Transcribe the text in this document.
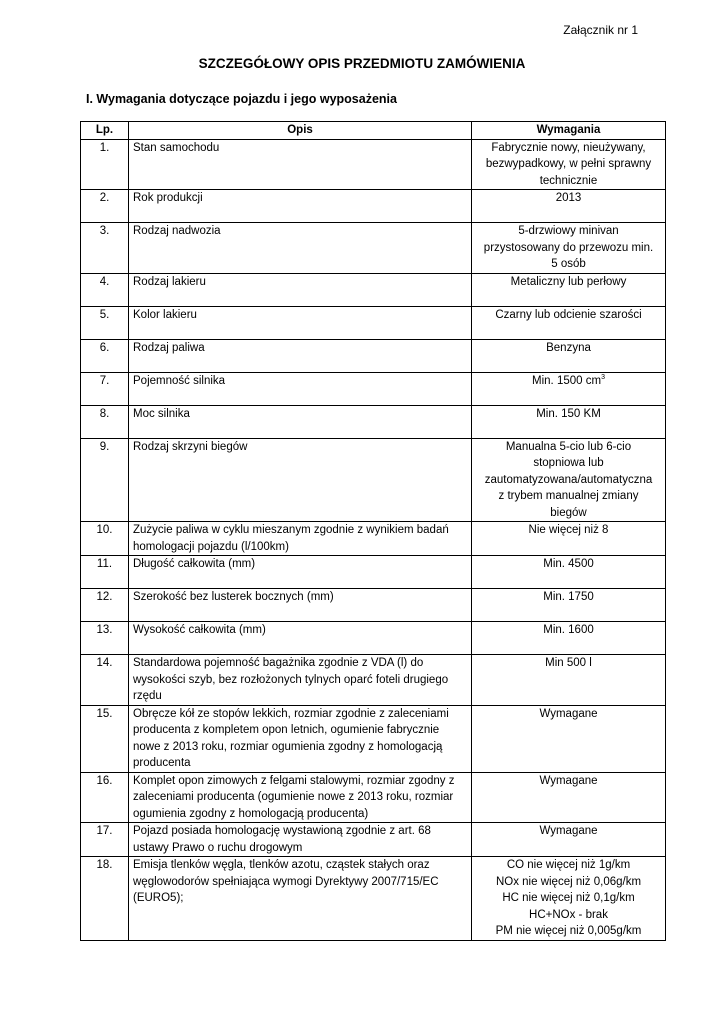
Załącznik nr 1
SZCZEGÓŁOWY OPIS PRZEDMIOTU ZAMÓWIENIA
I. Wymagania dotyczące pojazdu i jego wyposażenia
Lp.	Opis	Wymagania
1.	Stan samochodu	Fabrycznie nowy, nieużywany,
bezwypadkowy, w pełni sprawny
technicznie

2.	Rok produkcji	2013

3.	Rodzaj nadwozia	5-drzwiowy minivan
przystosowany do przewozu min.
5 osób

4.	Rodzaj lakieru	Metaliczny lub perłowy

5.	Kolor lakieru	Czarny lub odcienie szarości

6.	Rodzaj paliwa	Benzyna

7.	Pojemność silnika	Min. 1500 $cm^3$

8.	Moc silnika	Min. 150 KM

9.	Rodzaj skrzyni biegów	Manualna 5-cio lub 6-cio
stopniowa lub
zautomatyzowana/automatyczna
z trybem manualnej zmiany
biegów

10.	Zużycie paliwa w cyklu mieszanym zgodnie z wynikiem badań homologacji pojazdu (l/100km)	Nie więcej niż 8

11.	Długość całkowita (mm)	Min. 4500

12.	Szerokość bez lusterek bocznych (mm)	Min. 1750

13.	Wysokość całkowita (mm)	Min. 1600

14.	Standardowa pojemność bagażnika zgodnie z VDA (l) do wysokości szyb, bez rozłożonych tylnych oparć foteli drugiego rzędu	Min 500 l

15.	Obręcze kół ze stopów lekkich, rozmiar zgodnie z zaleceniami producenta z kompletem opon letnich, ogumienie fabrycznie nowe z 2013 roku, rozmiar ogumienia zgodny z homologacją producenta	Wymagane

16.	Komplet opon zimowych z felgami stalowymi, rozmiar zgodny z zaleceniami producenta (ogumienie nowe z 2013 roku, rozmiar ogumienia zgodny z homologacją producenta)	Wymagane

17.	Pojazd posiada homologację wystawioną zgodnie z art. 68 ustawy Prawo o ruchu drogowym	Wymagane

18.	Emisja tlenków węgla, tlenków azotu, cząstek stałych oraz węglowodorów spełniająca wymogi Dyrektywy 2007/715/EC (EURO5);	CO nie więcej niż 1g/km
NOx nie więcej niż 0,06g/km
HC nie więcej niż 0,1g/km
HC+NOx - brak
PM nie więcej niż 0,005g/km
